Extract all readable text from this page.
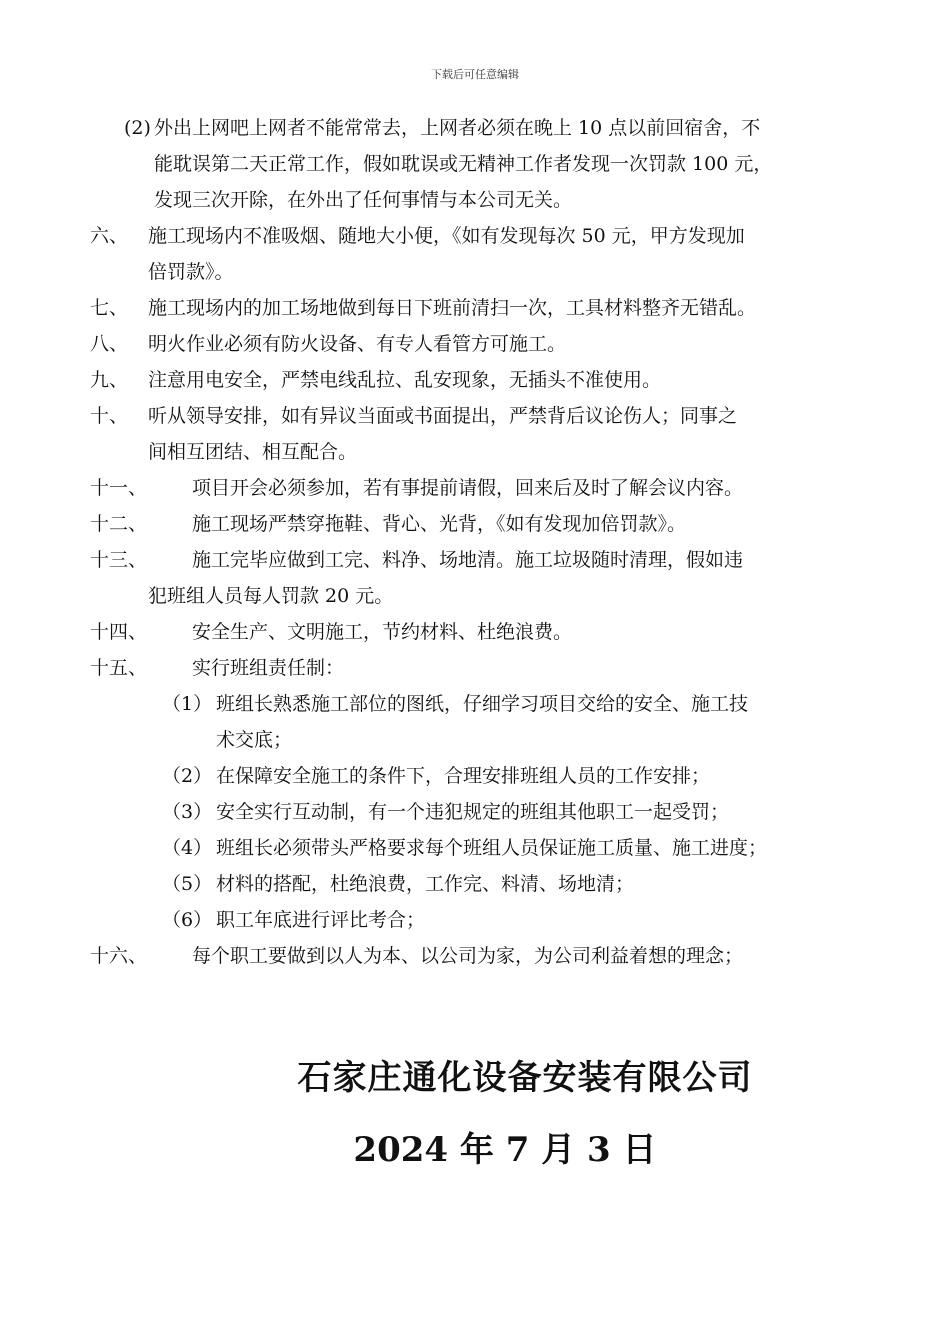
下载后可任意编辑
(2) 外出上网吧上网者不能常常去，上网者必须在晚上 10 点以前回宿舍，不
能耽误第二天正常工作，假如耽误或无精神工作者发现一次罚款 100 元，
发现三次开除，在外出了任何事情与本公司无关。
六、	施工现场内不准吸烟、随地大小便，《如有发现每次 50 元，甲方发现加
倍罚款》。
七、	施工现场内的加工场地做到每日下班前清扫一次，工具材料整齐无错乱。
八、	明火作业必须有防火设备、有专人看管方可施工。
九、	注意用电安全，严禁电线乱拉、乱安现象，无插头不准使用。
十、	听从领导安排，如有异议当面或书面提出，严禁背后议论伤人；同事之
间相互团结、相互配合。
十一、	项目开会必须参加，若有事提前请假，回来后及时了解会议内容。
十二、	施工现场严禁穿拖鞋、背心、光背，《如有发现加倍罚款》。
十三、	施工完毕应做到工完、料净、场地清。施工垃圾随时清理，假如违
犯班组人员每人罚款 20 元。
十四、	安全生产、文明施工，节约材料、杜绝浪费。
十五、	实行班组责任制：
（1） 班组长熟悉施工部位的图纸，仔细学习项目交给的安全、施工技
术交底；
（2） 在保障安全施工的条件下，合理安排班组人员的工作安排；
（3） 安全实行互动制，有一个违犯规定的班组其他职工一起受罚；
（4） 班组长必须带头严格要求每个班组人员保证施工质量、施工进度；
（5） 材料的搭配，杜绝浪费，工作完、料清、场地清；
（6） 职工年底进行评比考合；
十六、	每个职工要做到以人为本、以公司为家，为公司利益着想的理念；
石家庄通化设备安装有限公司
2024 年 7 月 3 日
